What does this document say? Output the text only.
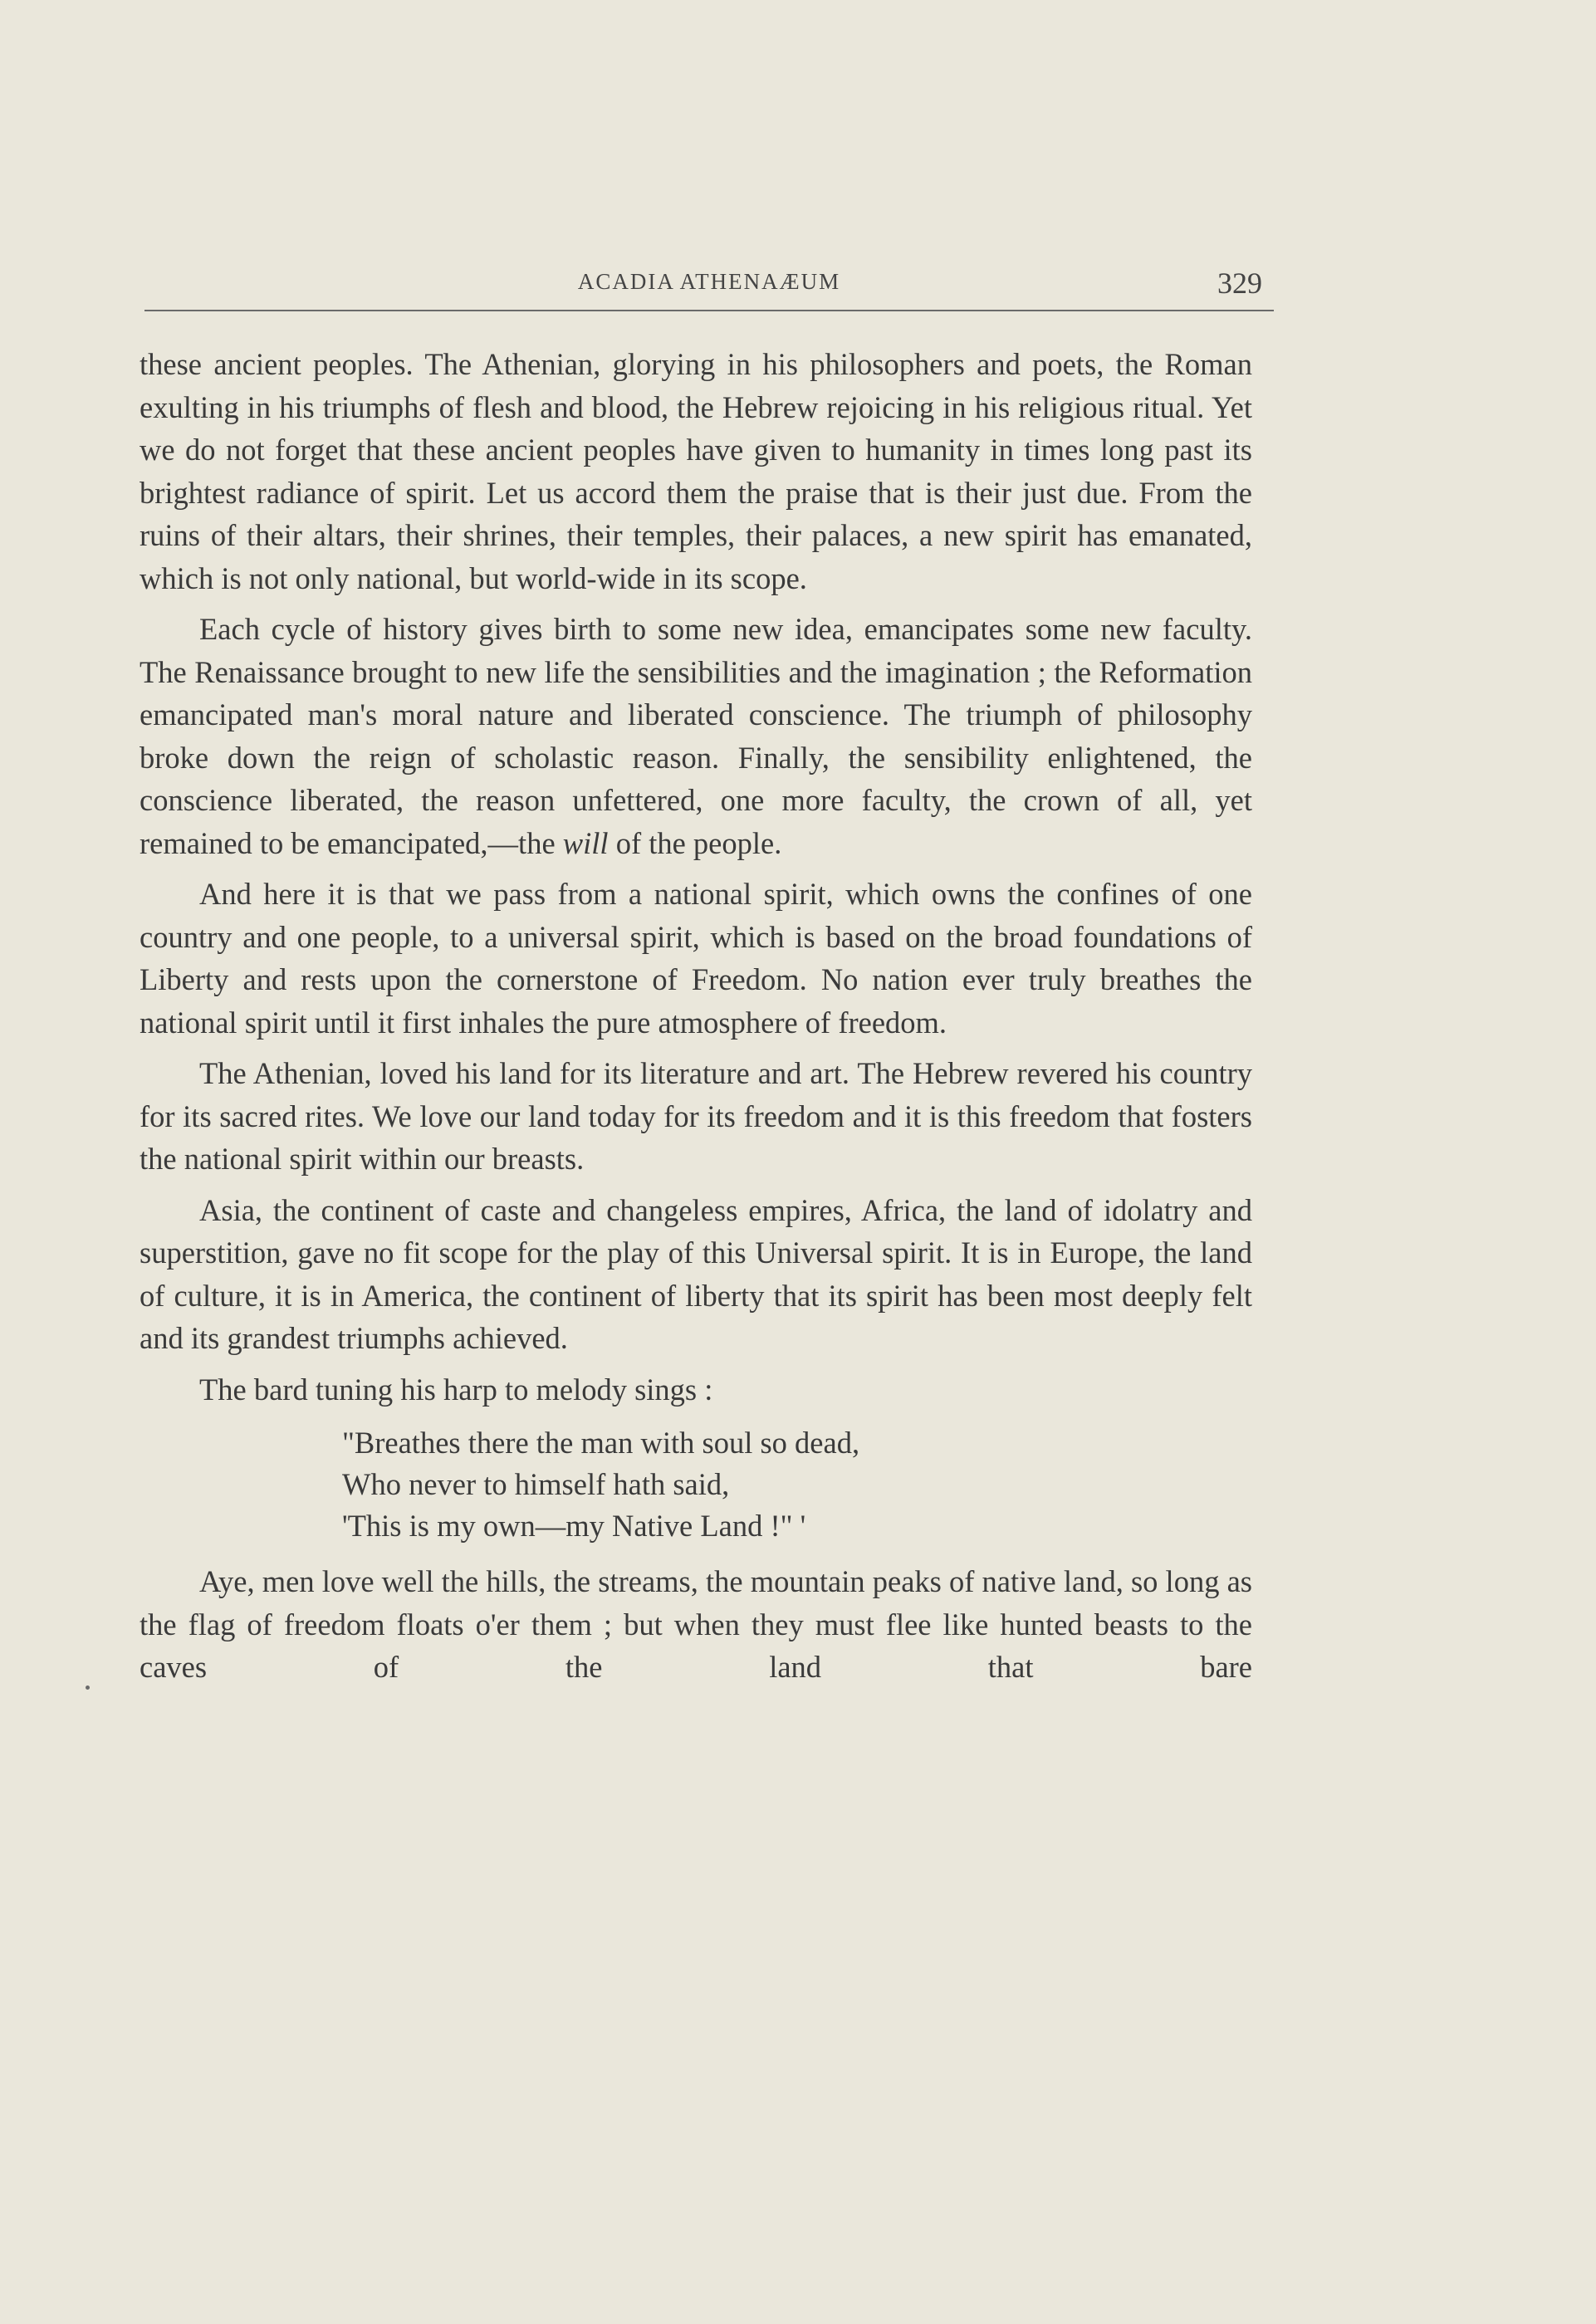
ACADIA ATHENAÆUM	329

these ancient peoples. The Athenian, glorying in his philosophers and poets, the Roman exulting in his triumphs of flesh and blood, the Hebrew rejoicing in his religious ritual. Yet we do not forget that these ancient peoples have given to humanity in times long past its brightest radiance of spirit. Let us accord them the praise that is their just due. From the ruins of their altars, their shrines, their temples, their palaces, a new spirit has emanated, which is not only national, but world-wide in its scope.

Each cycle of history gives birth to some new idea, emancipates some new faculty. The Renaissance brought to new life the sensibilities and the imagination ; the Reformation emancipated man's moral nature and liberated conscience. The triumph of philosophy broke down the reign of scholastic reason. Finally, the sensibility enlightened, the conscience liberated, the reason unfettered, one more faculty, the crown of all, yet remained to be emancipated,—the will of the people.

And here it is that we pass from a national spirit, which owns the confines of one country and one people, to a universal spirit, which is based on the broad foundations of Liberty and rests upon the cornerstone of Freedom. No nation ever truly breathes the national spirit until it first inhales the pure atmosphere of freedom.

The Athenian, loved his land for its literature and art. The Hebrew revered his country for its sacred rites. We love our land today for its freedom and it is this freedom that fosters the national spirit within our breasts.

Asia, the continent of caste and changeless empires, Africa, the land of idolatry and superstition, gave no fit scope for the play of this Universal spirit. It is in Europe, the land of culture, it is in America, the continent of liberty that its spirit has been most deeply felt and its grandest triumphs achieved.

The bard tuning his harp to melody sings :

"Breathes there the man with soul so dead,
Who never to himself hath said,
'This is my own—my Native Land !" '

Aye, men love well the hills, the streams, the mountain peaks of native land, so long as the flag of freedom floats o'er them ; but when they must flee like hunted beasts to the caves of the land that bare
